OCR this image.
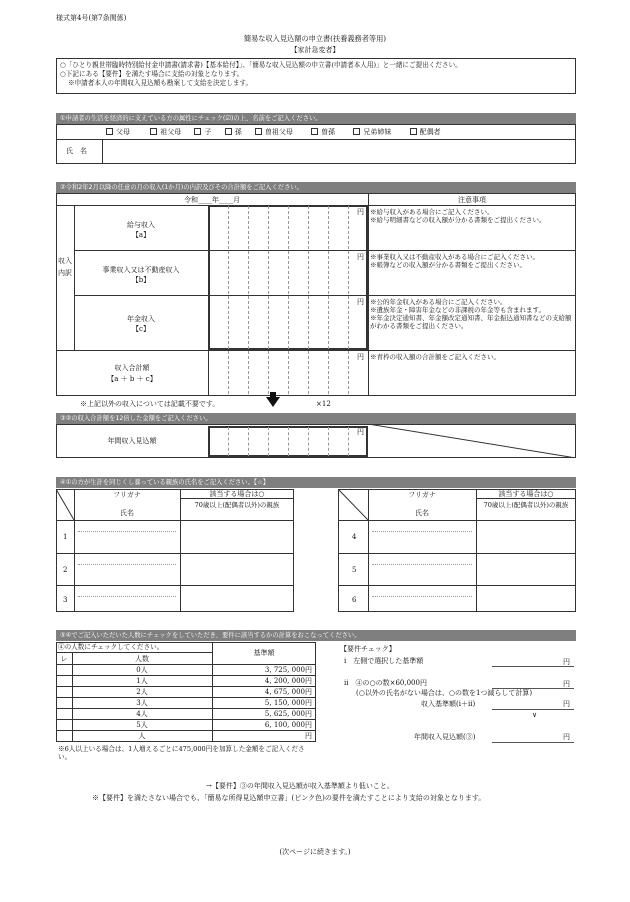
様式第4号(第7条関係)
簡易な収入見込額の申立書(扶養義務者等用)
【家計急変者】
○「ひとり親世帯臨時特別給付金申請書(請求書)【基本給付】」、「簡易な収入見込額の申立書(申請者本人用)」と一緒にご提出ください。
○下記にある【要件】を満たす場合に支給の対象となります。
※申請者本人の年間収入見込額も勘案して支給を決定します。
①申請者の生活を経済的に支えている方の属性にチェック(☑)の上、名前をご記入ください。
父母	祖父母	子	孫	曽祖父母	曽孫	兄弟姉妹	配偶者
氏　名
②令和2年2月以降の任意の月の収入(1か月)の内訳及びその合計額をご記入ください。
令和____年____月	注意事項
収入内訳
給与収入
【a】
円 ※給与収入がある場合にご記入ください。
※給与明細書などの収入額が分かる書類をご提出ください。
事業収入又は不動産収入
【b】
円 ※事業収入又は不動産収入がある場合にご記入ください。
※帳簿などの収入額が分かる書類をご提出ください。
年金収入
【c】
円 ※公的年金収入がある場合にご記入ください。
※遺族年金・障害年金などの非課税の年金等も含まれます。
※年金決定通知書、年金額改定通知書、年金振込通知書などの支給額がわかる書類をご提出ください。
収入合計額
【a ＋ b ＋ c】
円 ※青枠の収入額の合計額をご記入ください。
※上記以外の収入については記載不要です。	×12
③②の収入合計額を12倍した金額をご記入ください。
年間収入見込額
円
④①の方が生計を同じくし養っている親族の氏名をご記入ください。【☆】
フリガナ
氏名
該当する場合は○
70歳以上(配偶者以外)の親族
1
2
3
フリガナ
氏名
該当する場合は○
70歳以上(配偶者以外)の親族
4
5
6
⑤④でご記入いただいた人数にチェックをしていただき、要件に該当するかの計算をおこなってください。
④の人数にチェックしてください。
レ	人数
基準額
0人	3, 725, 000円
1人	4, 200, 000円
2人	4, 675, 000円
3人	5, 150, 000円
4人	5, 625, 000円
5人	6, 100, 000円
人	円
※6人以上いる場合は、1人増えるごとに475,000円を加算した金額をご記入ください。
【要件チェック】
i　左側で選択した基準額	円
ii　④の○の数×60,000円	円
(○以外の氏名がない場合は、○の数を1つ減らして計算)
収入基準額(i＋ii)	円
∨
年間収入見込額(③)	円
→【要件】③の年間収入見込額が収入基準額より低いこと。
※【要件】を満たさない場合でも、「簡易な所得見込額申立書」(ピンク色)の要件を満たすことにより支給の対象となります。
(次ページに続きます。)
